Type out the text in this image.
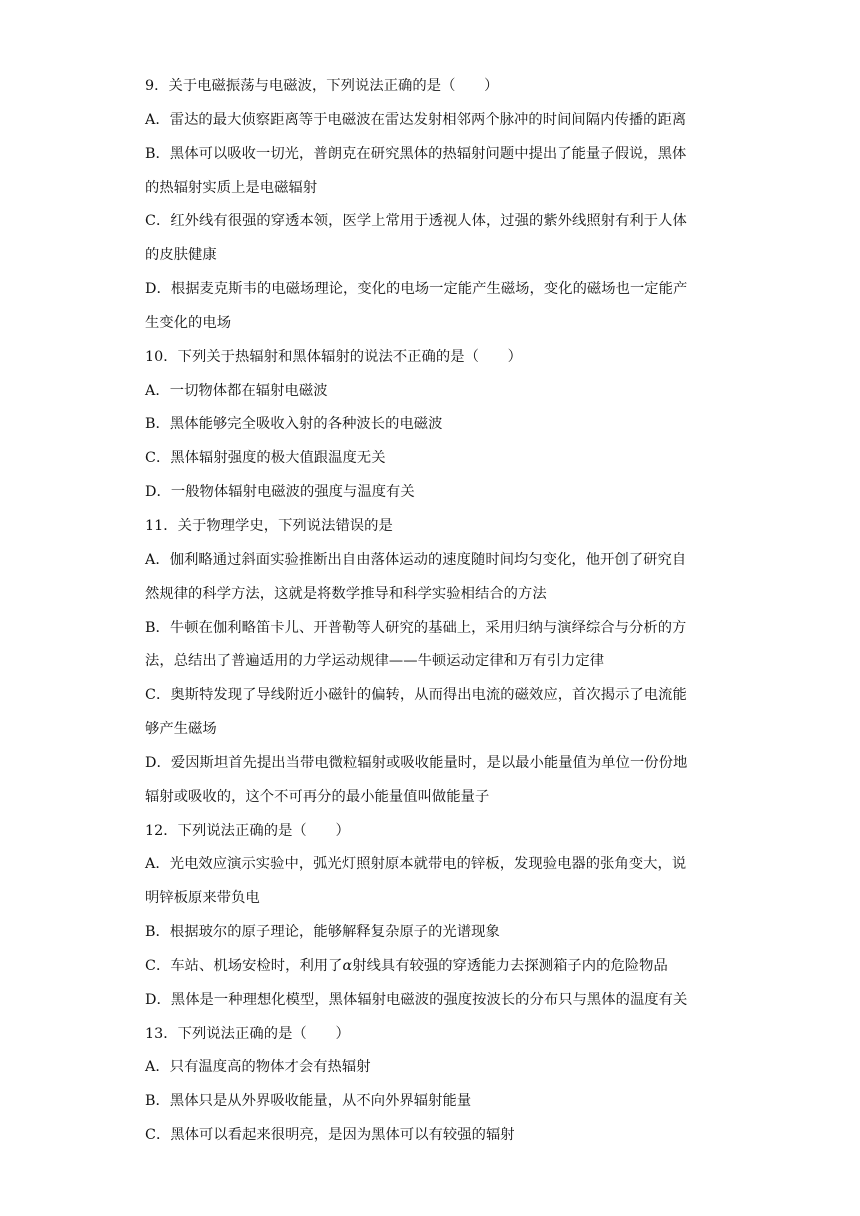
9．关于电磁振荡与电磁波，下列说法正确的是（　　）
A．雷达的最大侦察距离等于电磁波在雷达发射相邻两个脉冲的时间间隔内传播的距离
B．黑体可以吸收一切光，普朗克在研究黑体的热辐射问题中提出了能量子假说，黑体
的热辐射实质上是电磁辐射
C．红外线有很强的穿透本领，医学上常用于透视人体，过强的紫外线照射有利于人体
的皮肤健康
D．根据麦克斯韦的电磁场理论，变化的电场一定能产生磁场，变化的磁场也一定能产
生变化的电场
10．下列关于热辐射和黑体辐射的说法不正确的是（　　）
A．一切物体都在辐射电磁波
B．黑体能够完全吸收入射的各种波长的电磁波
C．黑体辐射强度的极大值跟温度无关
D．一般物体辐射电磁波的强度与温度有关
11．关于物理学史，下列说法错误的是
A．伽利略通过斜面实验推断出自由落体运动的速度随时间均匀变化，他开创了研究自
然规律的科学方法，这就是将数学推导和科学实验相结合的方法
B．牛顿在伽利略笛卡儿、开普勒等人研究的基础上，采用归纳与演绎综合与分析的方
法，总结出了普遍适用的力学运动规律——牛顿运动定律和万有引力定律
C．奥斯特发现了导线附近小磁针的偏转，从而得出电流的磁效应，首次揭示了电流能
够产生磁场
D．爱因斯坦首先提出当带电微粒辐射或吸收能量时，是以最小能量值为单位一份份地
辐射或吸收的，这个不可再分的最小能量值叫做能量子
12．下列说法正确的是（　　）
A．光电效应演示实验中，弧光灯照射原本就带电的锌板，发现验电器的张角变大，说
明锌板原来带负电
B．根据玻尔的原子理论，能够解释复杂原子的光谱现象
C．车站、机场安检时，利用了α射线具有较强的穿透能力去探测箱子内的危险物品
D．黑体是一种理想化模型，黑体辐射电磁波的强度按波长的分布只与黑体的温度有关
13．下列说法正确的是（　　）
A．只有温度高的物体才会有热辐射
B．黑体只是从外界吸收能量，从不向外界辐射能量
C．黑体可以看起来很明亮，是因为黑体可以有较强的辐射
